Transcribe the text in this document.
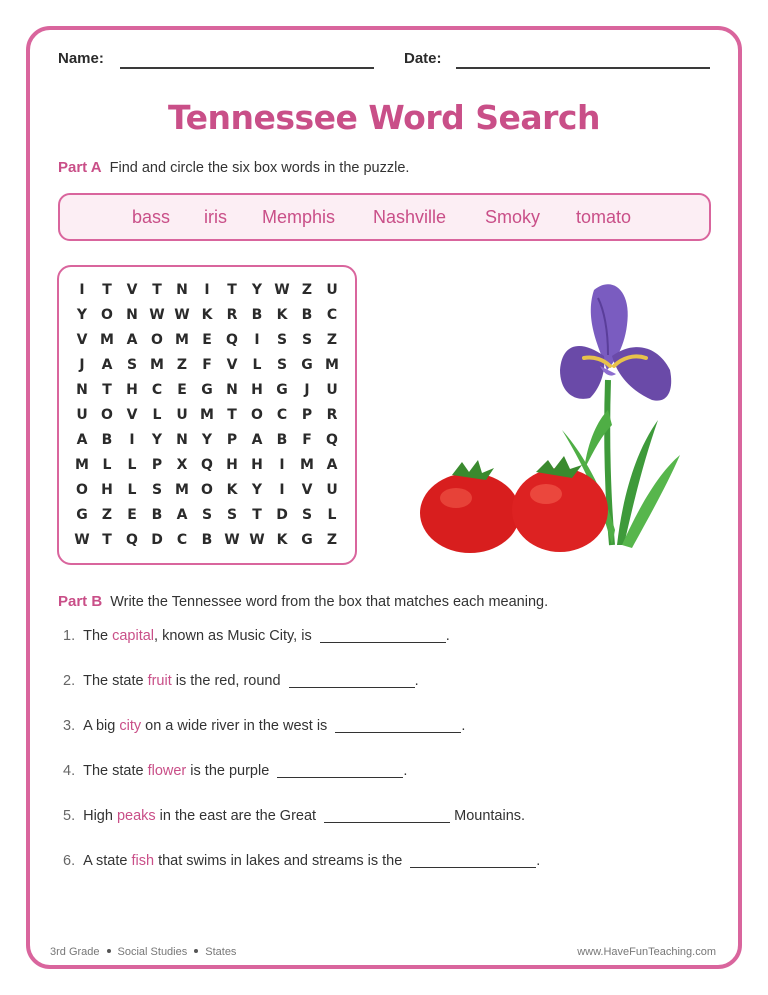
Name:	Date:
Tennessee Word Search
Part A Find and circle the six box words in the puzzle.
bass iris Memphis Nashville Smoky tomato
I	T	V	T	N	I	T	Y W Z	U
Y O N W W K	R	B	K	B	C
V M A O M E	Q	I	S	S	Z
J	A	S M Z	F	V	L	S	G M
N	T	H	C	E	G N H G	J	U
U O V	L	U M T	O C	P	R
A	B	I	Y	N	Y	P	A	B	F	Q
M L	L	P	X Q H H	I	M A
O H	L	S M O K	Y	I	V U
G	Z	E	B	A	S	S	T	D	S	L
W T	Q D	C	B W W K G	Z
Part B Write the Tennessee word from the box that matches each meaning.
1. The capital, known as Music City, is	.
2. The state fruit is the red, round	.
3. A big city on a wide river in the west is	.
4. The state flower is the purple	.
5. High peaks in the east are the Great	Mountains.
6. A state fish that swims in lakes and streams is the	.
3rd Grade Social Studies States	www.HaveFunTeaching.com
